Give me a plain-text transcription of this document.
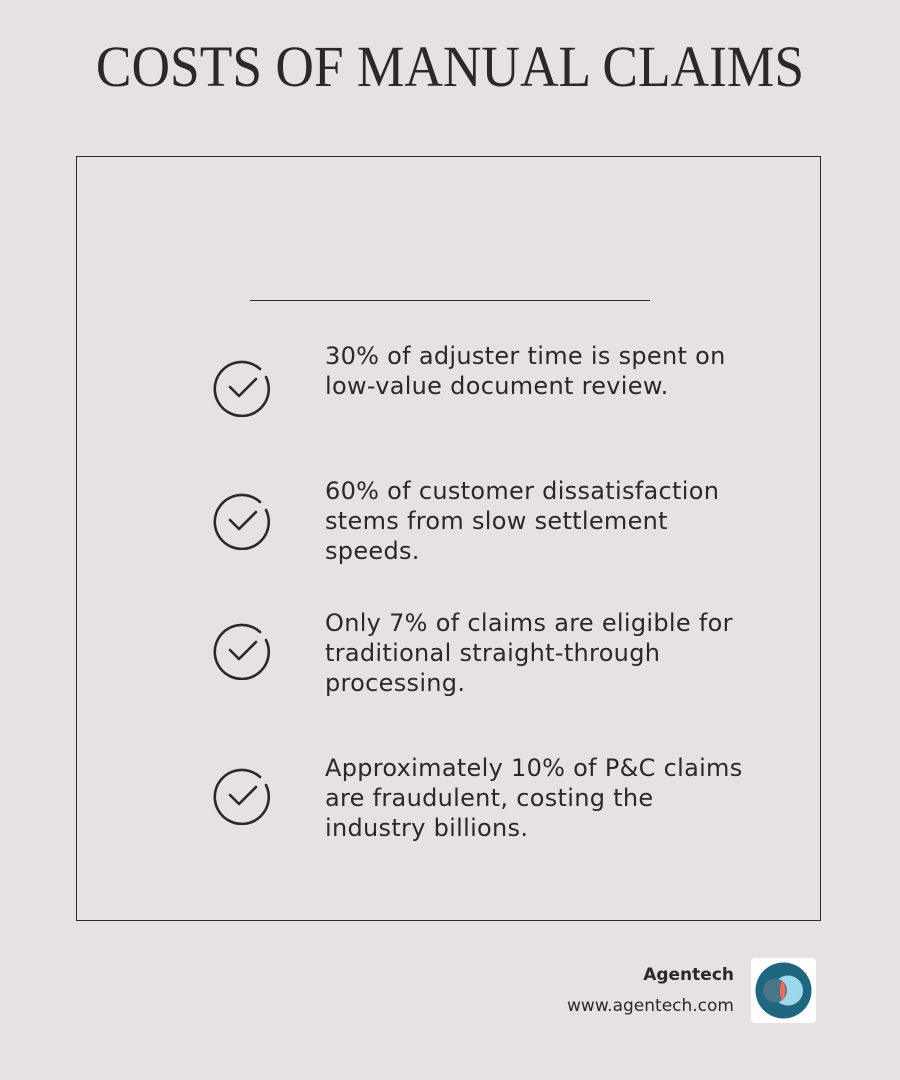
COSTS OF MANUAL CLAIMS
30% of adjuster time is spent on low-value document review.
60% of customer dissatisfaction stems from slow settlement speeds.
Only 7% of claims are eligible for traditional straight-through processing.
Approximately 10% of P&C claims are fraudulent, costing the industry billions.
Agentech
www.agentech.com
